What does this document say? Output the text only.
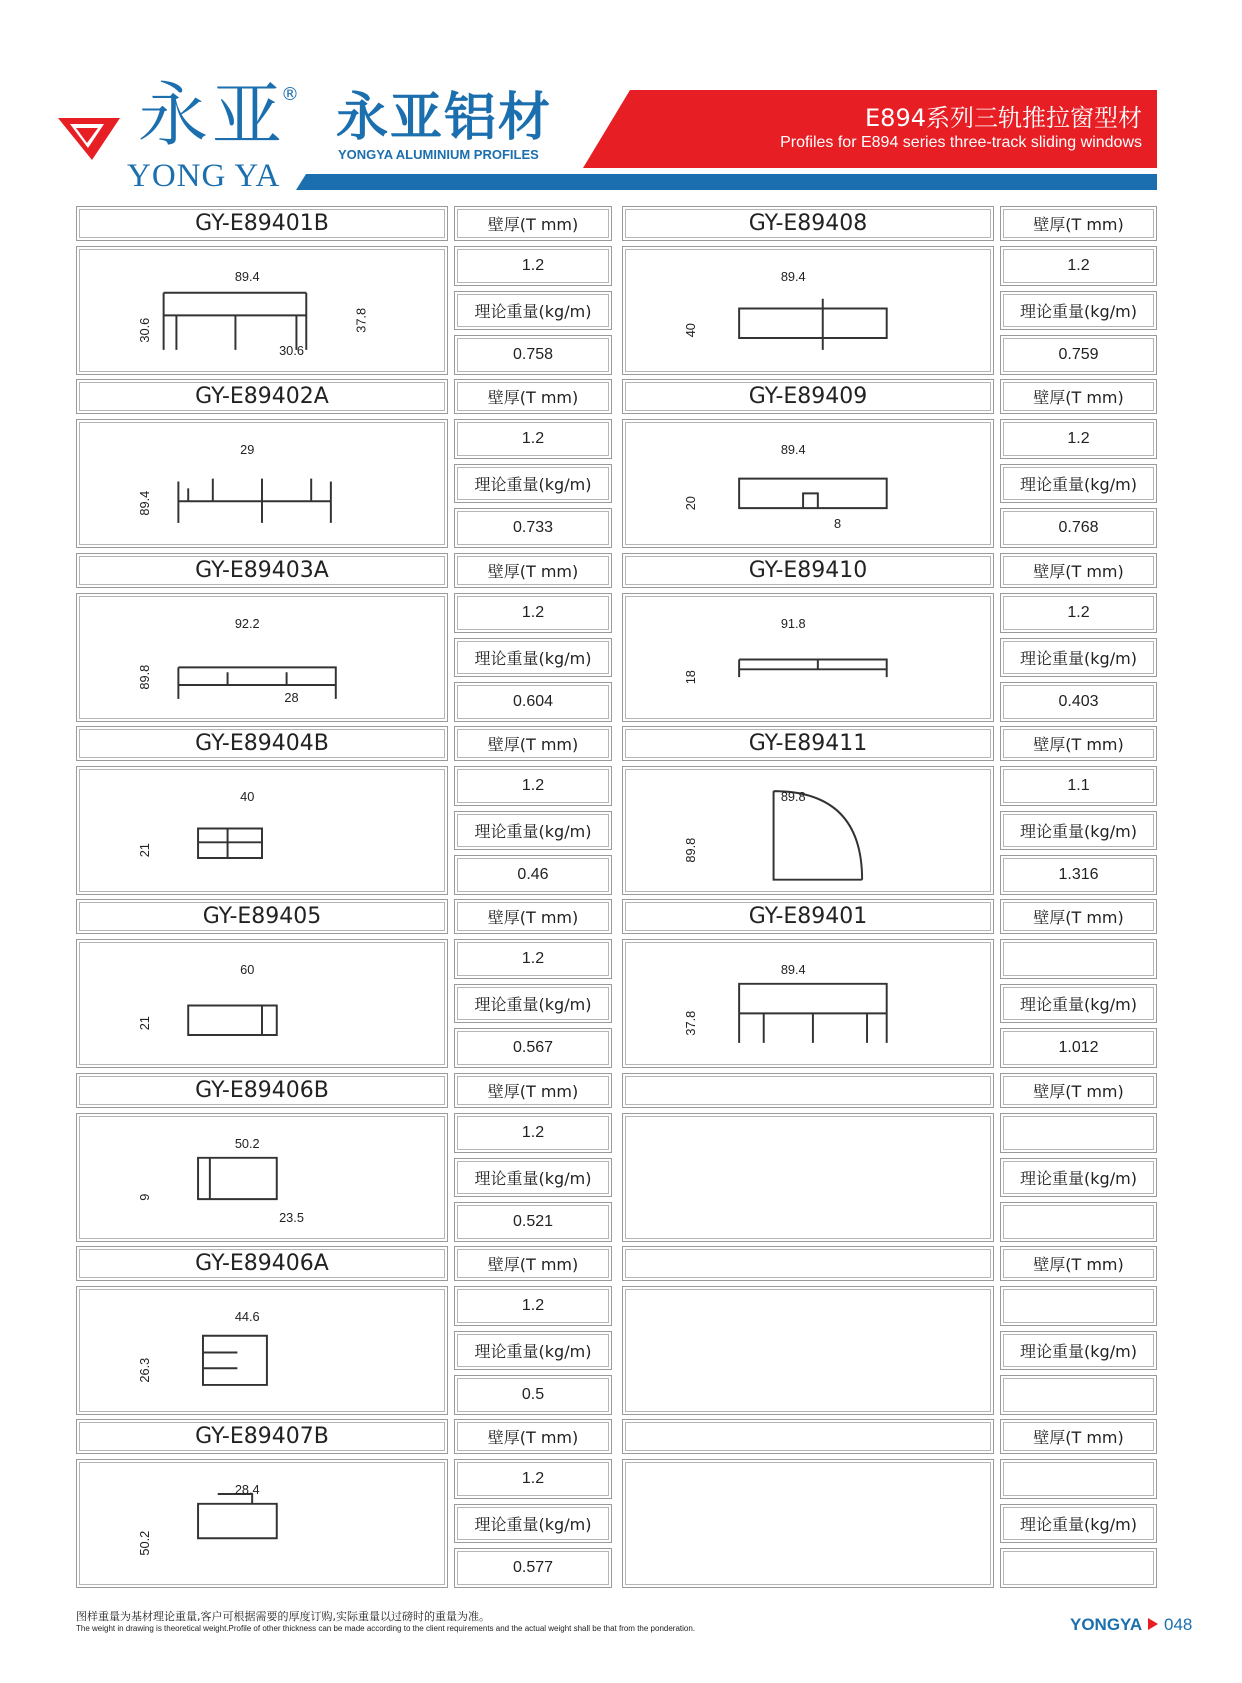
永亚
®
YONG YA
永亚铝材
YONGYA ALUMINIUM PROFILES
E894系列三轨推拉窗型材
Profiles for E894 series three-track sliding windows
GY-E89401B	壁厚(T mm)
89.4
30.6
30.6
37.8
1.2
理论重量(kg/m)
0.758
GY-E89402A	壁厚(T mm)
29
89.4
1.2
理论重量(kg/m)
0.733
GY-E89403A	壁厚(T mm)
92.2
89.8
28
1.2
理论重量(kg/m)
0.604
GY-E89404B	壁厚(T mm)
40
21
1.2
理论重量(kg/m)
0.46
GY-E89405	壁厚(T mm)
60
21
1.2
理论重量(kg/m)
0.567
GY-E89406B	壁厚(T mm)
50.2
9
23.5
1.2
理论重量(kg/m)
0.521
GY-E89406A	壁厚(T mm)
44.6
26.3
1.2
理论重量(kg/m)
0.5
GY-E89407B	壁厚(T mm)
28.4
50.2
1.2
理论重量(kg/m)
0.577
GY-E89408	壁厚(T mm)
89.4
40
1.2
理论重量(kg/m)
0.759
GY-E89409	壁厚(T mm)
89.4
20
8
1.2
理论重量(kg/m)
0.768
GY-E89410	壁厚(T mm)
91.8
18
1.2
理论重量(kg/m)
0.403
GY-E89411	壁厚(T mm)
89.8
89.8
1.1
理论重量(kg/m)
1.316
GY-E89401	壁厚(T mm)
89.4
37.8
理论重量(kg/m)
1.012
壁厚(T mm)
理论重量(kg/m)
壁厚(T mm)
理论重量(kg/m)
壁厚(T mm)
理论重量(kg/m)
图样重量为基材理论重量,客户可根据需要的厚度订购,实际重量以过磅时的重量为准。
The weight in drawing is theoretical weight.Profile of other thickness can be made according to the client requirements and the actual weight shall be that from the ponderation.	YONGYA 048
